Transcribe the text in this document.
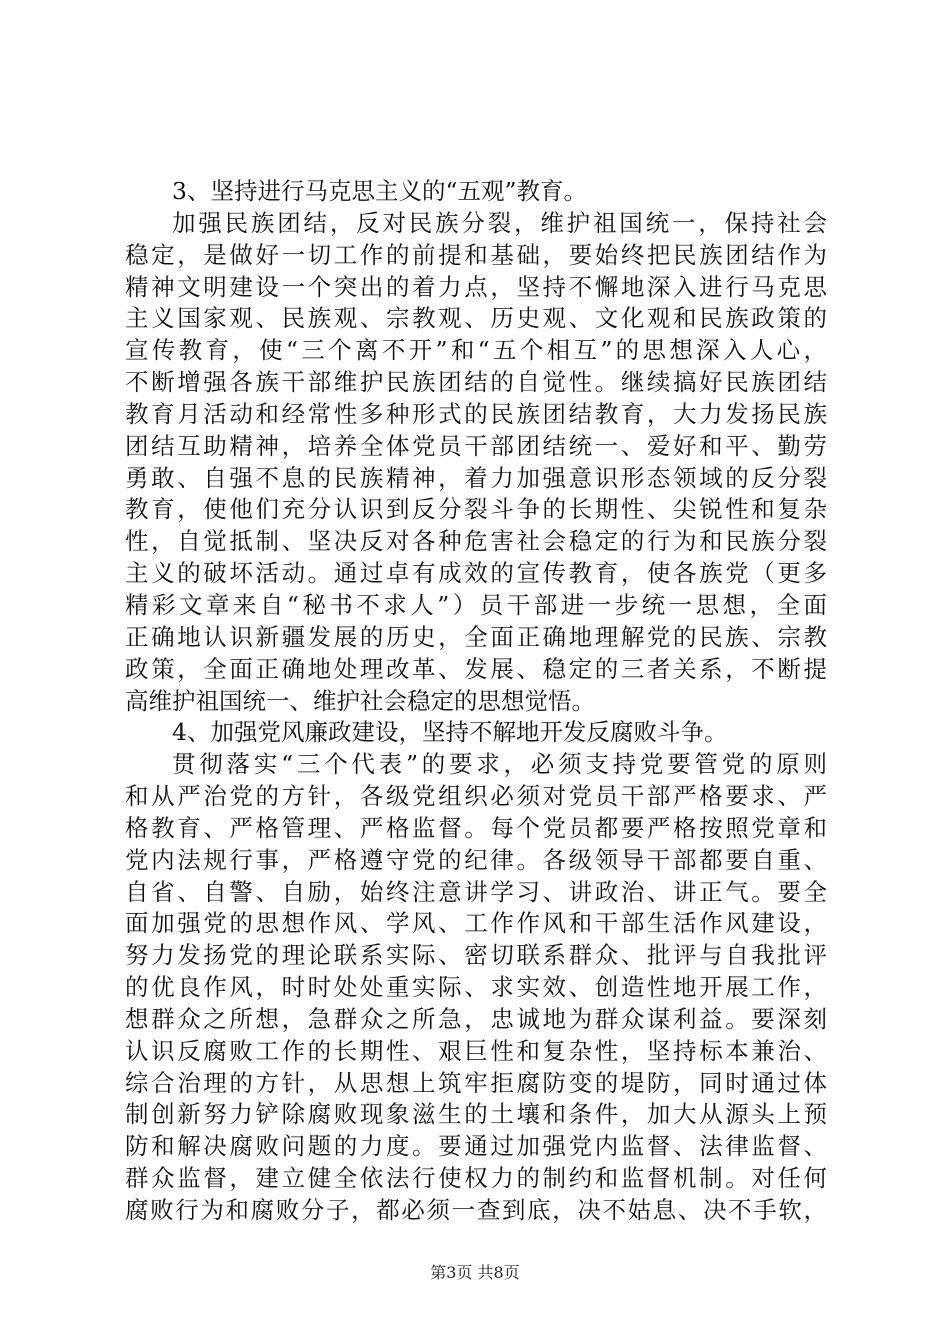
3、坚持进行马克思主义的“五观”教育。
加强民族团结，反对民族分裂，维护祖国统一，保持社会
稳定，是做好一切工作的前提和基础，要始终把民族团结作为
精神文明建设一个突出的着力点，坚持不懈地深入进行马克思
主义国家观、民族观、宗教观、历史观、文化观和民族政策的
宣传教育，使“三个离不开”和“五个相互”的思想深入人心，
不断增强各族干部维护民族团结的自觉性。继续搞好民族团结
教育月活动和经常性多种形式的民族团结教育，大力发扬民族
团结互助精神，培养全体党员干部团结统一、爱好和平、勤劳
勇敢、自强不息的民族精神，着力加强意识形态领域的反分裂
教育，使他们充分认识到反分裂斗争的长期性、尖锐性和复杂
性，自觉抵制、坚决反对各种危害社会稳定的行为和民族分裂
主义的破坏活动。通过卓有成效的宣传教育，使各族党（更多
精彩文章来自“秘书不求人”）员干部进一步统一思想，全面
正确地认识新疆发展的历史，全面正确地理解党的民族、宗教
政策，全面正确地处理改革、发展、稳定的三者关系，不断提
高维护祖国统一、维护社会稳定的思想觉悟。
4、加强党风廉政建设，坚持不解地开发反腐败斗争。
贯彻落实“三个代表”的要求，必须支持党要管党的原则
和从严治党的方针，各级党组织必须对党员干部严格要求、严
格教育、严格管理、严格监督。每个党员都要严格按照党章和
党内法规行事，严格遵守党的纪律。各级领导干部都要自重、
自省、自警、自励，始终注意讲学习、讲政治、讲正气。要全
面加强党的思想作风、学风、工作作风和干部生活作风建设，
努力发扬党的理论联系实际、密切联系群众、批评与自我批评
的优良作风，时时处处重实际、求实效、创造性地开展工作，
想群众之所想，急群众之所急，忠诚地为群众谋利益。要深刻
认识反腐败工作的长期性、艰巨性和复杂性，坚持标本兼治、
综合治理的方针，从思想上筑牢拒腐防变的堤防，同时通过体
制创新努力铲除腐败现象滋生的土壤和条件，加大从源头上预
防和解决腐败问题的力度。要通过加强党内监督、法律监督、
群众监督，建立健全依法行使权力的制约和监督机制。对任何
腐败行为和腐败分子，都必须一查到底，决不姑息、决不手软，
第3页 共8页
